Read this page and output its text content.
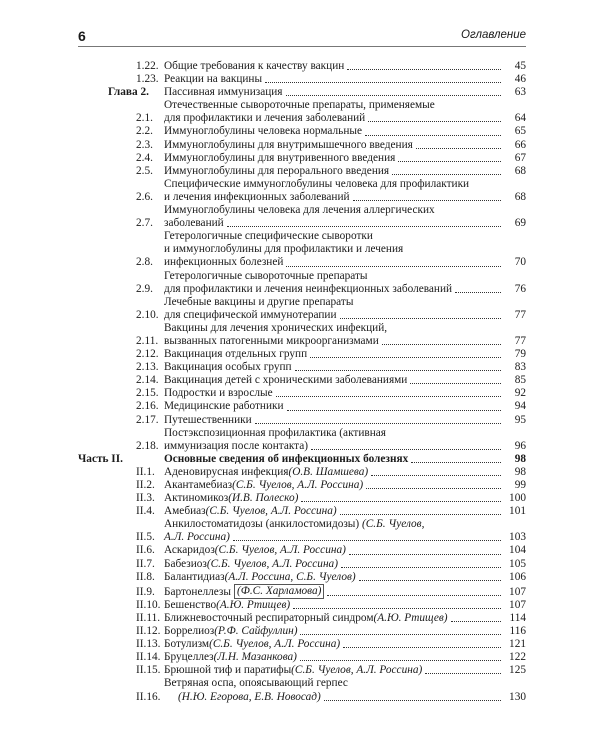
6	Оглавление
1.22. Общие требования к качеству вакцин	45
1.23. Реакции на вакцины	46
Глава 2.	Пассивная иммунизация	63
2.1.
Отечественные сывороточные препараты, применяемые
для профилактики и лечения заболеваний	64
2.2. Иммуноглобулины человека нормальные	65
2.3. Иммуноглобулины для внутримышечного введения	66
2.4. Иммуноглобулины для внутривенного введения	67
2.5. Иммуноглобулины для перорального введения	68
2.6.
Специфические иммуноглобулины человека для профилактики
и лечения инфекционных заболеваний	68
2.7.
Иммуноглобулины человека для лечения аллергических
заболеваний	69
2.8.
Гетерологичные специфические сыворотки
и иммуноглобулины для профилактики и лечения
инфекционных болезней	70
2.9.
Гетерологичные сывороточные препараты
для профилактики и лечения неинфекционных заболеваний	76
2.10.
Лечебные вакцины и другие препараты
для специфической иммунотерапии	77
2.11.
Вакцины для лечения хронических инфекций,
вызванных патогенными микроорганизмами	77
2.12. Вакцинация отдельных групп	79
2.13. Вакцинация особых групп	83
2.14. Вакцинация детей с хроническими заболеваниями	85
2.15. Подростки и взрослые	92
2.16. Медицинские работники	94
2.17. Путешественники	95
2.18.
Постэкспозиционная профилактика (активная
иммунизация после контакта)	96
Часть II.	Основные сведения об инфекционных болезнях	98
II.1. Аденовирусная инфекция (О.В. Шамшева)	98
II.2. Акантамебиаз (С.Б. Чуелов, А.Л. Россина)	99
II.3. Актиномикоз (И.В. Полеско)	100
II.4. Амебиаз (С.Б. Чуелов, А.Л. Россина)	101
II.5.
Анкилостоматидозы (анкилостомидозы) (С.Б. Чуелов,
А.Л. Россина)	103
II.6. Аскаридоз (С.Б. Чуелов, А.Л. Россина)	104
II.7. Бабезиоз (С.Б. Чуелов, А.Л. Россина)	105
II.8. Балантидиаз (А.Л. Россина, С.Б. Чуелов)	106
II.9. Бартонеллезы (Ф.С. Харламова)	107
II.10. Бешенство (А.Ю. Ртищев)	107
II.11. Ближневосточный респираторный синдром (А.Ю. Ртищев)	114
II.12. Боррелиоз (Р.Ф. Сайфуллин)	116
II.13. Ботулизм (С.Б. Чуелов, А.Л. Россина)	121
II.14. Бруцеллез (Л.Н. Мазанкова)	122
II.15. Брюшной тиф и паратифы (С.Б. Чуелов, А.Л. Россина)	125
II.16.
Ветряная оспа, опоясывающий герпес
(Н.Ю. Егорова, Е.В. Новосад)	130
